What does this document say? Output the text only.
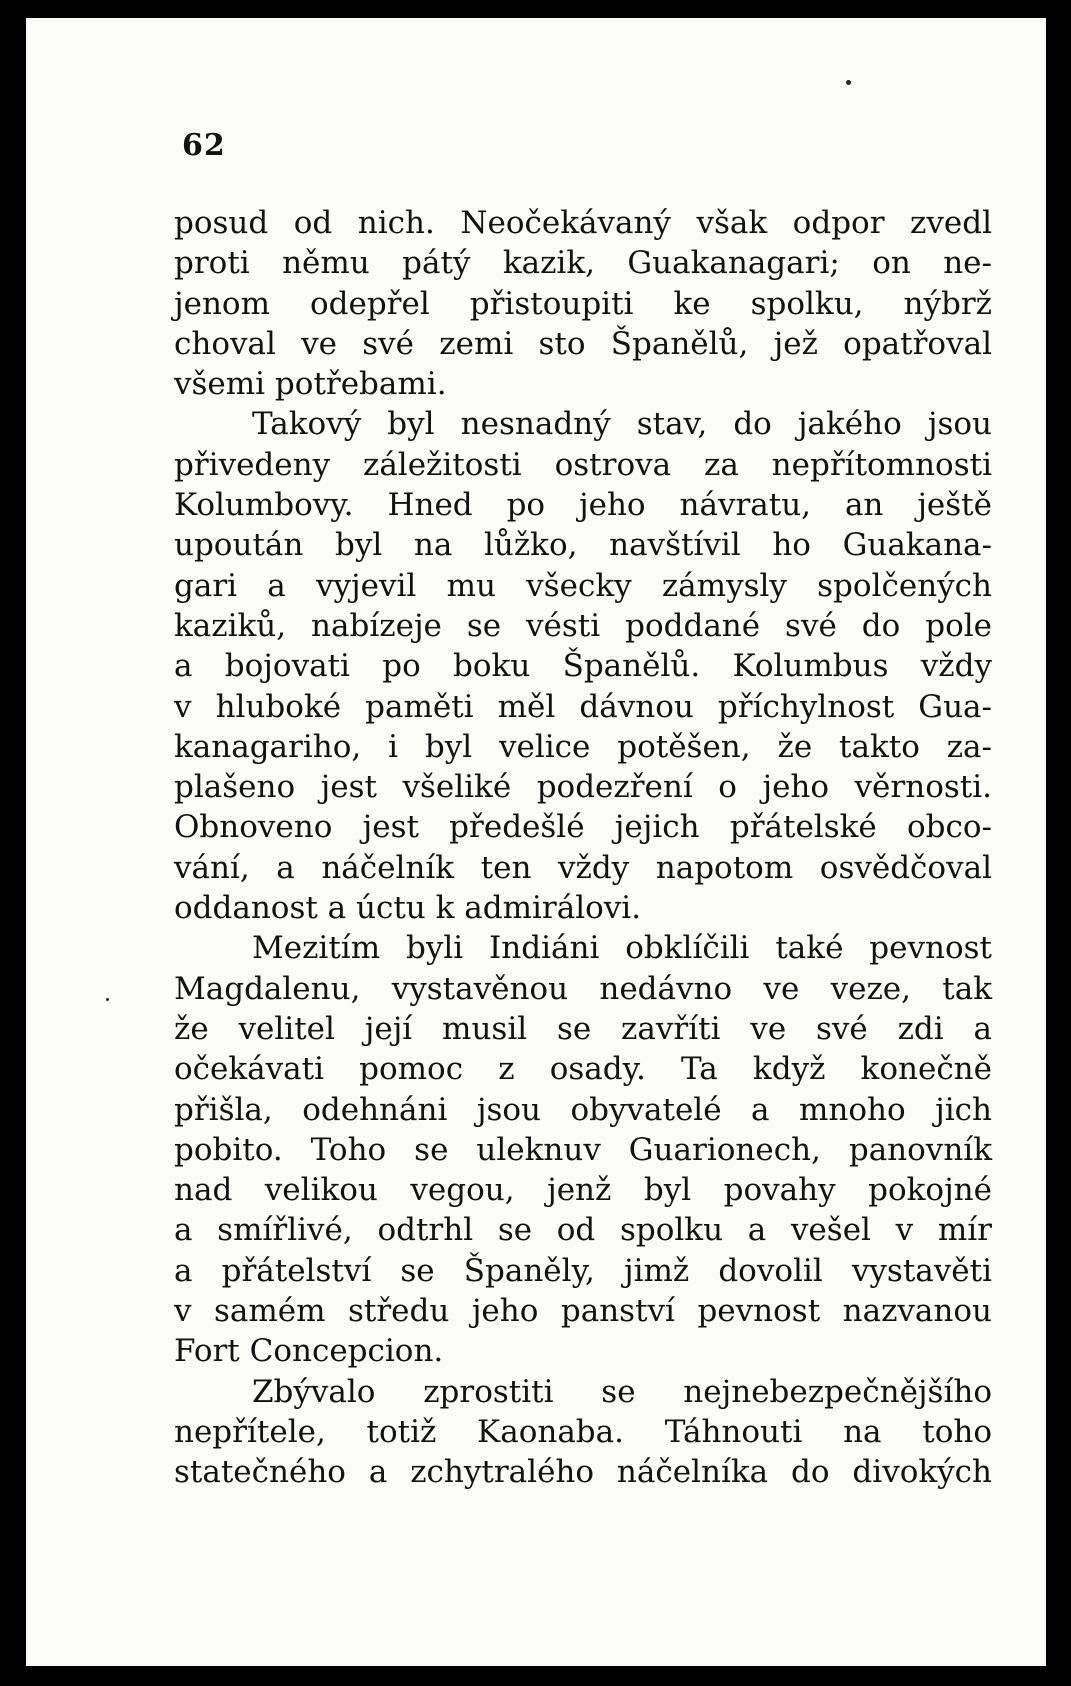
62
posud od nich. Neočekávaný však odpor zvedl
proti němu pátý kazik, Guakanagari; on ne-
jenom odepřel přistoupiti ke spolku, nýbrž
choval ve své zemi sto Španělů, jež opatřoval
všemi potřebami.
Takový byl nesnadný stav, do jakého jsou
přivedeny záležitosti ostrova za nepřítomnosti
Kolumbovy. Hned po jeho návratu, an ještě
upoután byl na lůžko, navštívil ho Guakana-
gari a vyjevil mu všecky zámysly spolčených
kaziků, nabízeje se vésti poddané své do pole
a bojovati po boku Španělů. Kolumbus vždy
v hluboké paměti měl dávnou příchylnost Gua-
kanagariho, i byl velice potěšen, že takto za-
plašeno jest všeliké podezření o jeho věrnosti.
Obnoveno jest předešlé jejich přátelské obco-
vání, a náčelník ten vždy napotom osvědčoval
oddanost a úctu k admirálovi.
Mezitím byli Indiáni obklíčili také pevnost
Magdalenu, vystavěnou nedávno ve veze, tak
že velitel její musil se zavříti ve své zdi a
očekávati pomoc z osady. Ta když konečně
přišla, odehnáni jsou obyvatelé a mnoho jich
pobito. Toho se uleknuv Guarionech, panovník
nad velikou vegou, jenž byl povahy pokojné
a smířlivé, odtrhl se od spolku a vešel v mír
a přátelství se Španěly, jimž dovolil vystavěti
v samém středu jeho panství pevnost nazvanou
Fort Concepcion.
Zbývalo zprostiti se nejnebezpečnějšího
nepřítele, totiž Kaonaba. Táhnouti na toho
statečného a zchytralého náčelníka do divokých
